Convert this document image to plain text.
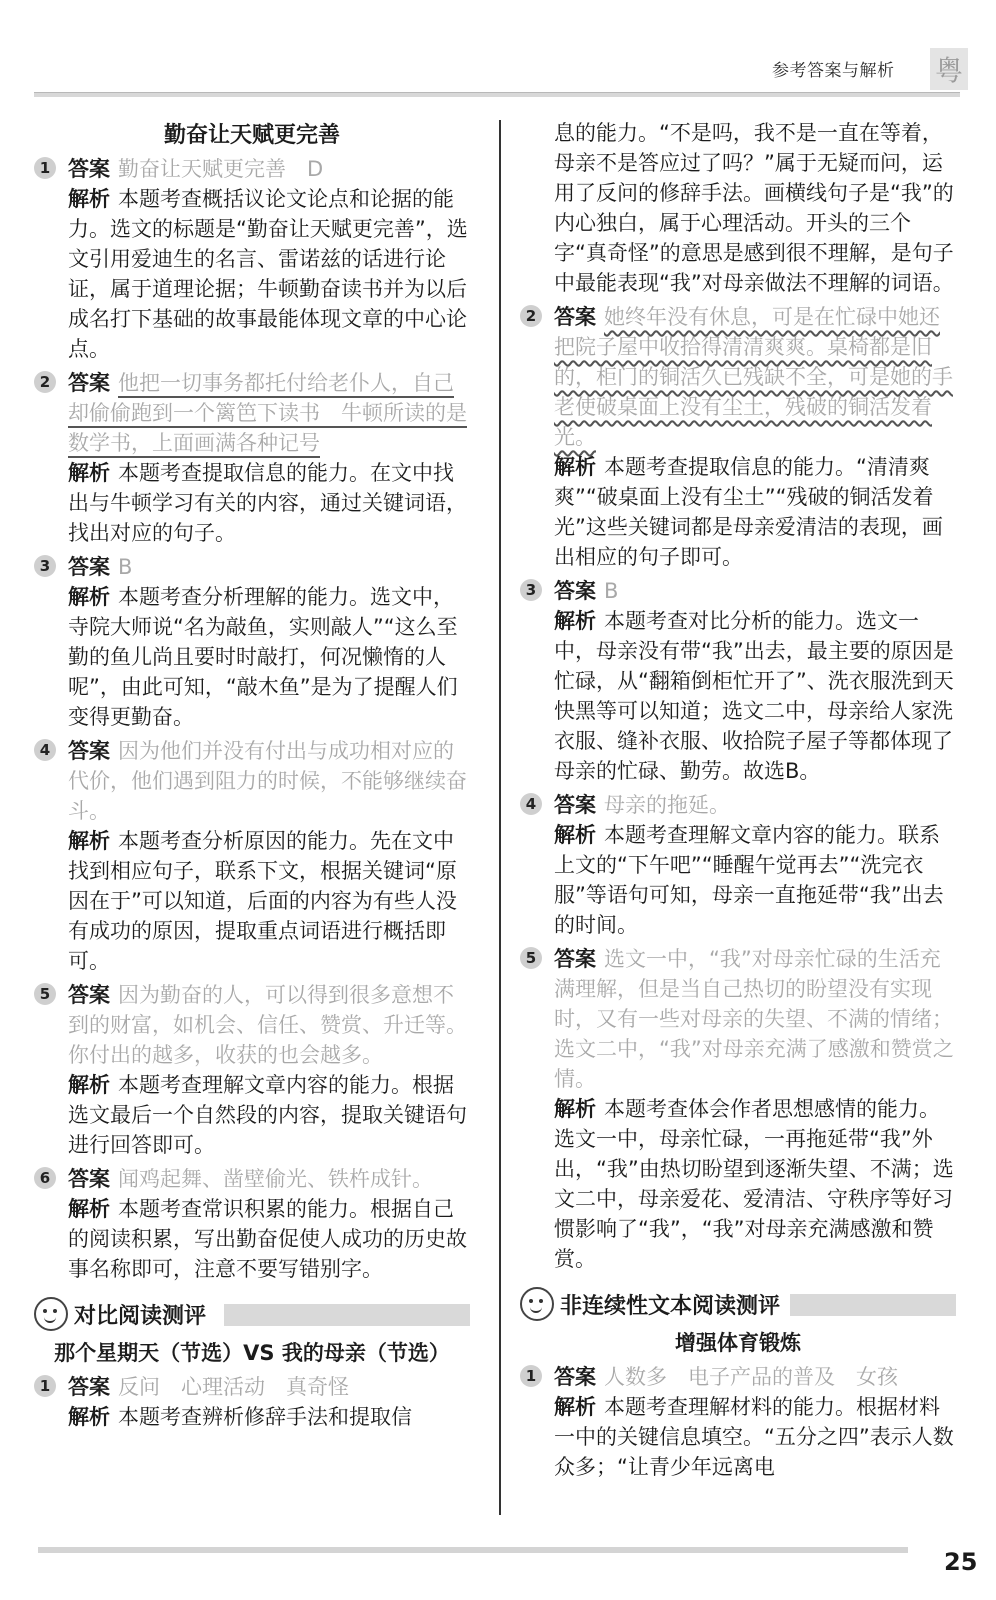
参考答案与解析 粤
勤奋让天赋更完善
1 答案 勤奋让天赋更完善　D
解析 本题考查概括议论文论点和论据的能力。选文的标题是“勤奋让天赋更完善”，选文引用爱迪生的名言、雷诺兹的话进行论证，属于道理论据；牛顿勤奋读书并为以后成名打下基础的故事最能体现文章的中心论点。
2 答案 他把一切事务都托付给老仆人，自己却偷偷跑到一个篱笆下读书　牛顿所读的是数学书，上面画满各种记号
解析 本题考查提取信息的能力。在文中找出与牛顿学习有关的内容，通过关键词语，找出对应的句子。
3 答案 B
解析 本题考查分析理解的能力。选文中，寺院大师说“名为敲鱼，实则敲人”“这么至勤的鱼儿尚且要时时敲打，何况懒惰的人呢”，由此可知，“敲木鱼”是为了提醒人们变得更勤奋。
4 答案 因为他们并没有付出与成功相对应的代价，他们遇到阻力的时候，不能够继续奋斗。
解析 本题考查分析原因的能力。先在文中找到相应句子，联系下文，根据关键词“原因在于”可以知道，后面的内容为有些人没有成功的原因，提取重点词语进行概括即可。
5 答案 因为勤奋的人，可以得到很多意想不到的财富，如机会、信任、赞赏、升迁等。你付出的越多，收获的也会越多。
解析 本题考查理解文章内容的能力。根据选文最后一个自然段的内容，提取关键语句进行回答即可。
6 答案 闻鸡起舞、凿壁偷光、铁杵成针。
解析 本题考查常识积累的能力。根据自己的阅读积累，写出勤奋促使人成功的历史故事名称即可，注意不要写错别字。
对比阅读测评
那个星期天（节选）VS 我的母亲（节选）
1 答案 反问　心理活动　真奇怪
解析 本题考查辨析修辞手法和提取信
息的能力。“不是吗，我不是一直在等着，母亲不是答应过了吗？”属于无疑而问，运用了反问的修辞手法。画横线句子是“我”的内心独白，属于心理活动。开头的三个字“真奇怪”的意思是感到很不理解，是句子中最能表现“我”对母亲做法不理解的词语。
2 答案 她终年没有休息，可是在忙碌中她还把院子屋中收拾得清清爽爽。桌椅都是旧的，柜门的铜活久已残缺不全，可是她的手老使破桌面上没有尘土，残破的铜活发着光。
解析 本题考查提取信息的能力。“清清爽爽”“破桌面上没有尘土”“残破的铜活发着光”这些关键词都是母亲爱清洁的表现，画出相应的句子即可。
3 答案 B
解析 本题考查对比分析的能力。选文一中，母亲没有带“我”出去，最主要的原因是忙碌，从“翻箱倒柜忙开了”、洗衣服洗到天快黑等可以知道；选文二中，母亲给人家洗衣服、缝补衣服、收拾院子屋子等都体现了母亲的忙碌、勤劳。故选B。
4 答案 母亲的拖延。
解析 本题考查理解文章内容的能力。联系上文的“下午吧”“睡醒午觉再去”“洗完衣服”等语句可知，母亲一直拖延带“我”出去的时间。
5 答案 选文一中，“我”对母亲忙碌的生活充满理解，但是当自己热切的盼望没有实现时，又有一些对母亲的失望、不满的情绪；选文二中，“我”对母亲充满了感激和赞赏之情。
解析 本题考查体会作者思想感情的能力。选文一中，母亲忙碌，一再拖延带“我”外出，“我”由热切盼望到逐渐失望、不满；选文二中，母亲爱花、爱清洁、守秩序等好习惯影响了“我”，“我”对母亲充满感激和赞赏。
非连续性文本阅读测评
增强体育锻炼
1 答案 人数多　电子产品的普及　女孩
解析 本题考查理解材料的能力。根据材料一中的关键信息填空。“五分之四”表示人数众多；“让青少年远离电
25
